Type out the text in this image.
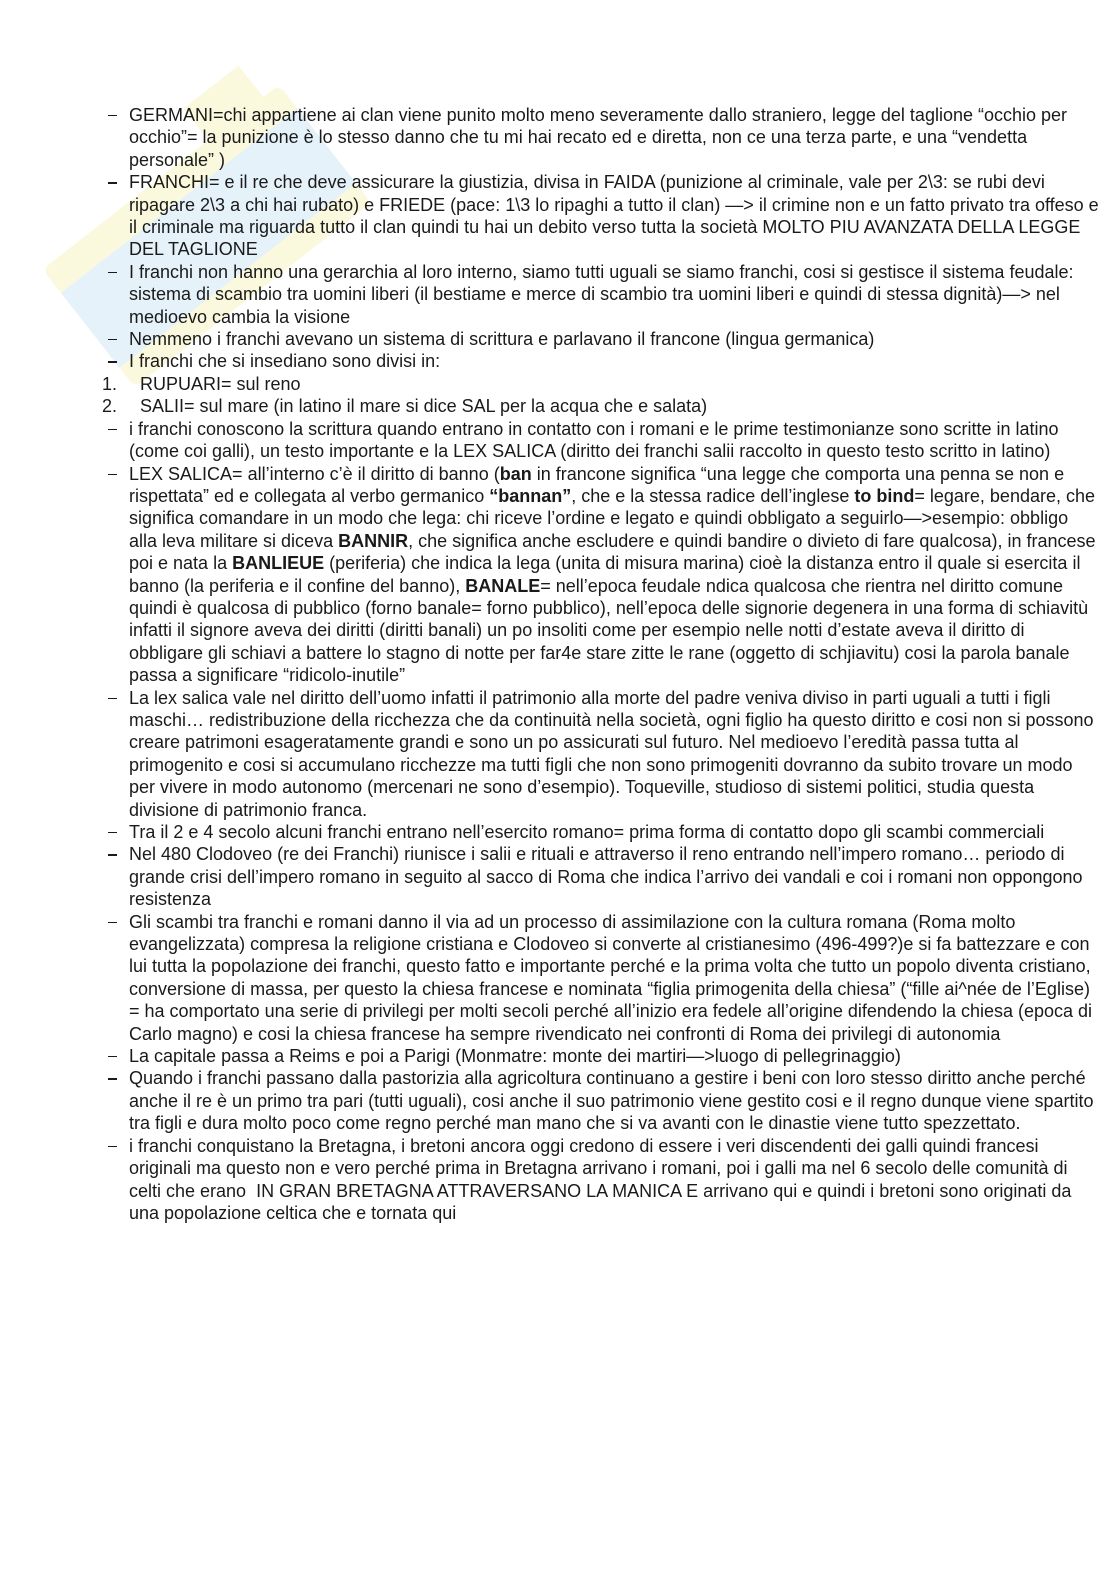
GERMANI=chi appartiene ai clan viene punito molto meno severamente dallo straniero, legge del taglione “occhio per occhio”= la punizione è lo stesso danno che tu mi hai recato ed e diretta, non ce una terza parte, e una “vendetta personale” )
FRANCHI= e il re che deve assicurare la giustizia, divisa in FAIDA (punizione al criminale, vale per 2\3: se rubi devi ripagare 2\3 a chi hai rubato) e FRIEDE (pace: 1\3 lo ripaghi a tutto il clan) —> il crimine non e un fatto privato tra offeso e il criminale ma riguarda tutto il clan quindi tu hai un debito verso tutta la società MOLTO PIU AVANZATA DELLA LEGGE DEL TAGLIONE
I franchi non hanno una gerarchia al loro interno, siamo tutti uguali se siamo franchi, cosi si gestisce il sistema feudale: sistema di scambio tra uomini liberi (il bestiame e merce di scambio tra uomini liberi e quindi di stessa dignità)—> nel medioevo cambia la visione
Nemmeno i franchi avevano un sistema di scrittura e parlavano il francone (lingua germanica)
I franchi che si insediano sono divisi in:
1. RUPUARI= sul reno
2. SALII= sul mare (in latino il mare si dice SAL per la acqua che e salata)
i franchi conoscono la scrittura quando entrano in contatto con i romani e le prime testimonianze sono scritte in latino (come coi galli), un testo importante e la LEX SALICA (diritto dei franchi salii raccolto in questo testo scritto in latino)
LEX SALICA= all’interno c’è il diritto di banno (ban in francone significa “una legge che comporta una penna se non e rispettata” ed e collegata al verbo germanico “bannan”, che e la stessa radice dell’inglese to bind= legare, bendare, che significa comandare in un modo che lega: chi riceve l’ordine e legato e quindi obbligato a seguirlo—>esempio: obbligo alla leva militare si diceva BANNIR, che significa anche escludere e quindi bandire o divieto di fare qualcosa), in francese poi e nata la BANLIEUE (periferia) che indica la lega (unita di misura marina) cioè la distanza entro il quale si esercita il banno (la periferia e il confine del banno), BANALE= nell’epoca feudale ndica qualcosa che rientra nel diritto comune quindi è qualcosa di pubblico (forno banale= forno pubblico), nell’epoca delle signorie degenera in una forma di schiavitù infatti il signore aveva dei diritti (diritti banali) un po insoliti come per esempio nelle notti d’estate aveva il diritto di obbligare gli schiavi a battere lo stagno di notte per far4e stare zitte le rane (oggetto di schjiavitu) cosi la parola banale passa a significare “ridicolo-inutile”
La lex salica vale nel diritto dell’uomo infatti il patrimonio alla morte del padre veniva diviso in parti uguali a tutti i figli maschi… redistribuzione della ricchezza che da continuità nella società, ogni figlio ha questo diritto e cosi non si possono creare patrimoni esageratamente grandi e sono un po assicurati sul futuro. Nel medioevo l’eredità passa tutta al primogenito e cosi si accumulano ricchezze ma tutti figli che non sono primogeniti dovranno da subito trovare un modo per vivere in modo autonomo (mercenari ne sono d’esempio). Toqueville, studioso di sistemi politici, studia questa divisione di patrimonio franca.
Tra il 2 e 4 secolo alcuni franchi entrano nell’esercito romano= prima forma di contatto dopo gli scambi commerciali
Nel 480 Clodoveo (re dei Franchi) riunisce i salii e rituali e attraverso il reno entrando nell’impero romano… periodo di grande crisi dell’impero romano in seguito al sacco di Roma che indica l’arrivo dei vandali e coi i romani non oppongono resistenza
Gli scambi tra franchi e romani danno il via ad un processo di assimilazione con la cultura romana (Roma molto evangelizzata) compresa la religione cristiana e Clodoveo si converte al cristianesimo (496-499?)e si fa battezzare e con lui tutta la popolazione dei franchi, questo fatto e importante perché e la prima volta che tutto un popolo diventa cristiano, conversione di massa, per questo la chiesa francese e nominata “figlia primogenita della chiesa” (“fille ai^née de l’Eglise) = ha comportato una serie di privilegi per molti secoli perché all’inizio era fedele all’origine difendendo la chiesa (epoca di Carlo magno) e cosi la chiesa francese ha sempre rivendicato nei confronti di Roma dei privilegi di autonomia
La capitale passa a Reims e poi a Parigi (Monmatre: monte dei martiri—>luogo di pellegrinaggio)
Quando i franchi passano dalla pastorizia alla agricoltura continuano a gestire i beni con loro stesso diritto anche perché anche il re è un primo tra pari (tutti uguali), cosi anche il suo patrimonio viene gestito cosi e il regno dunque viene spartito tra figli e dura molto poco come regno perché man mano che si va avanti con le dinastie viene tutto spezzettato.
i franchi conquistano la Bretagna, i bretoni ancora oggi credono di essere i veri discendenti dei galli quindi francesi originali ma questo non e vero perché prima in Bretagna arrivano i romani, poi i galli ma nel 6 secolo delle comunità di celti che erano  IN GRAN BRETAGNA ATTRAVERSANO LA MANICA E arrivano qui e quindi i bretoni sono originati da una popolazione celtica che e tornata qui
